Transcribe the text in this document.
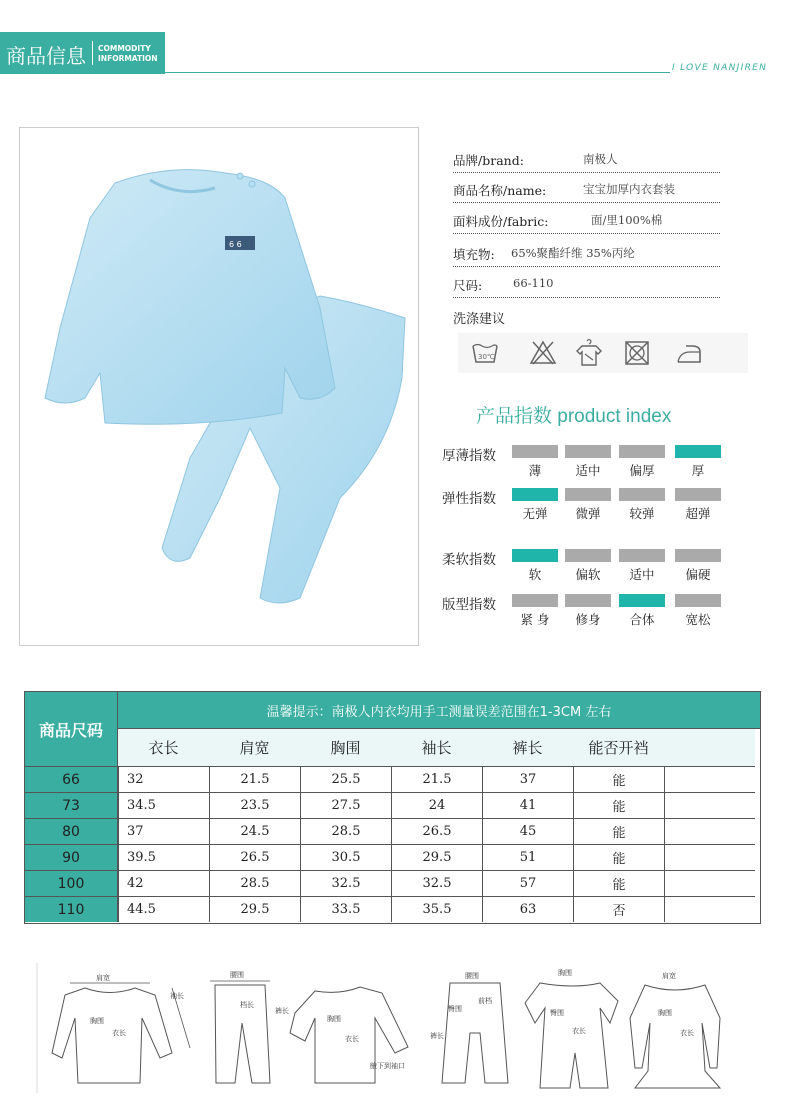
商品信息 COMMODITY
INFORMATION
I LOVE NANJIREN
6 6
品牌/brand:	南极人
商品名称/name:	宝宝加厚内衣套装
面料成份/fabric:	面/里100%棉
填充物: 65%聚酯纤维 35%丙纶
尺码:	66-110
洗涤建议
30℃
产品指数 product index
厚薄指数
薄	适中	偏厚	厚
弹性指数
无弹	微弹	较弹	超弹
柔软指数
软	偏软	适中	偏硬
版型指数
紧 身	修身	合体	宽松
商品尺码
温馨提示：南极人内衣均用手工测量误差范围在1-3CM 左右
衣长	肩宽	胸围	袖长	裤长	能否开裆
66	32	21.5	25.5	21.5	37	能
73	34.5	23.5	27.5	24	41	能
80	37	24.5	28.5	26.5	45	能
90	39.5	26.5	30.5	29.5	51	能
100	42	28.5	32.5	32.5	57	能
110	44.5	29.5	33.5	35.5	63	否
肩宽
袖长
胸围
衣长
腰围
档长
裤长
胸围
衣长
腋下到袖口
腰围
臀围
前档
裤长
胸围
臀围
衣长
肩宽
胸围
衣长
